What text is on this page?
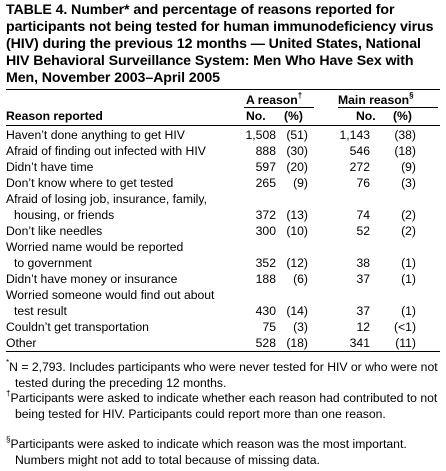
TABLE 4. Number* and percentage of reasons reported for participants not being tested for human immunodeficiency virus (HIV) during the previous 12 months — United States, National HIV Behavioral Surveillance System: Men Who Have Sex with Men, November 2003–April 2005
A reason†	Main reason§
Reason reported	No. (%)	No. (%)
Haven’t done anything to get HIV	1,508 (51)	1,143 (38)
Afraid of finding out infected with HIV	888 (30)	546 (18)
Didn’t have time	597 (20)	272	(9)
Don’t know where to get tested	265 (9)	76	(3)
Afraid of losing job, insurance, family,
housing, or friends	372 (13)	74	(2)
Don’t like needles	300 (10)	52	(2)
Worried name would be reported
to government	352 (12)	38	(1)
Didn’t have money or insurance	188 (6)	37	(1)
Worried someone would find out about
test result	430 (14)	37	(1)
Couldn’t get transportation	75 (3)	12 (<1)
Other	528 (18)	341 (11)
*N = 2,793. Includes participants who were never tested for HIV or who were not tested during the preceding 12 months.
†Participants were asked to indicate whether each reason had contributed to not being tested for HIV. Participants could report more than one reason.
§Participants were asked to indicate which reason was the most important. Numbers might not add to total because of missing data.
